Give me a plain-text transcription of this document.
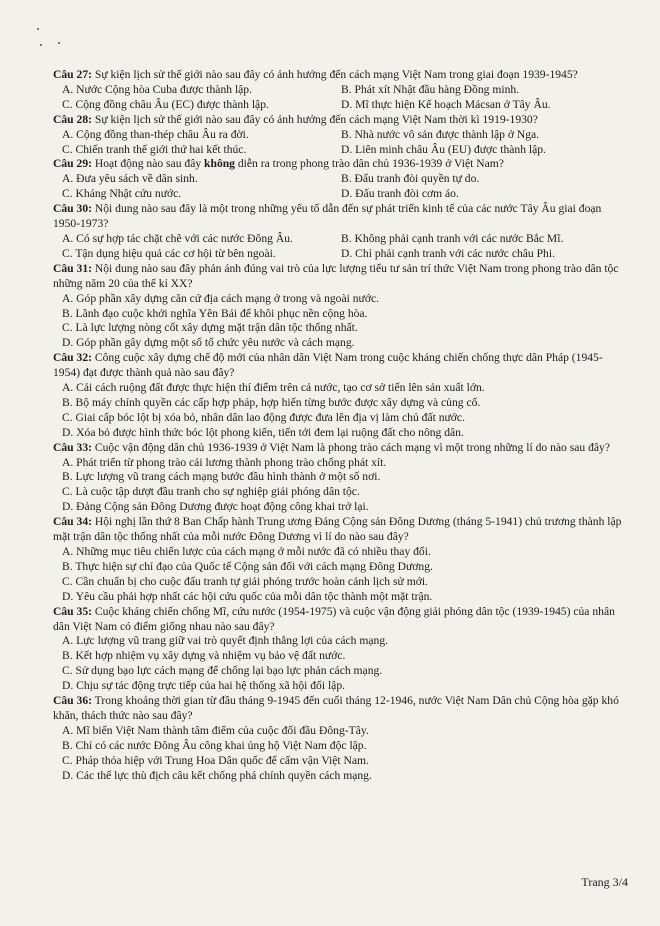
Câu 27: Sự kiện lịch sử thế giới nào sau đây có ảnh hưởng đến cách mạng Việt Nam trong giai đoạn 1939-1945?

A. Nước Cộng hòa Cuba được thành lập.	B. Phát xít Nhật đầu hàng Đồng minh.
C. Cộng đồng châu Âu (EC) được thành lập.	D. Mĩ thực hiện Kế hoạch Mácsan ở Tây Âu.

Câu 28: Sự kiện lịch sử thế giới nào sau đây có ảnh hưởng đến cách mạng Việt Nam thời kì 1919-1930?

A. Cộng đồng than-thép châu Âu ra đời.	B. Nhà nước vô sản được thành lập ở Nga.
C. Chiến tranh thế giới thứ hai kết thúc.	D. Liên minh châu Âu (EU) được thành lập.

Câu 29: Hoạt động nào sau đây không diễn ra trong phong trào dân chủ 1936-1939 ở Việt Nam?

A. Đưa yêu sách về dân sinh.	B. Đấu tranh đòi quyền tự do.
C. Kháng Nhật cứu nước.	D. Đấu tranh đòi cơm áo.

Câu 30: Nội dung nào sau đây là một trong những yếu tố dẫn đến sự phát triển kinh tế của các nước Tây Âu giai đoạn 1950-1973?

A. Có sự hợp tác chặt chẽ với các nước Đông Âu.	B. Không phải cạnh tranh với các nước Bắc Mĩ.
C. Tận dụng hiệu quả các cơ hội từ bên ngoài.	D. Chỉ phải cạnh tranh với các nước châu Phi.

Câu 31: Nội dung nào sau đây phản ánh đúng vai trò của lực lượng tiểu tư sản trí thức Việt Nam trong phong trào dân tộc những năm 20 của thế kỉ XX?

A. Góp phần xây dựng căn cứ địa cách mạng ở trong và ngoài nước.
B. Lãnh đạo cuộc khởi nghĩa Yên Bái để khôi phục nền cộng hòa.
C. Là lực lượng nòng cốt xây dựng mặt trận dân tộc thống nhất.
D. Góp phần gây dựng một số tổ chức yêu nước và cách mạng.

Câu 32: Công cuộc xây dựng chế độ mới của nhân dân Việt Nam trong cuộc kháng chiến chống thực dân Pháp (1945-1954) đạt được thành quả nào sau đây?

A. Cải cách ruộng đất được thực hiện thí điểm trên cả nước, tạo cơ sở tiến lên sản xuất lớn.
B. Bộ máy chính quyền các cấp hợp pháp, hợp hiến từng bước được xây dựng và củng cố.
C. Giai cấp bóc lột bị xóa bỏ, nhân dân lao động được đưa lên địa vị làm chủ đất nước.
D. Xóa bỏ được hình thức bóc lột phong kiến, tiến tới đem lại ruộng đất cho nông dân.

Câu 33: Cuộc vận động dân chủ 1936-1939 ở Việt Nam là phong trào cách mạng vì một trong những lí do nào sau đây?

A. Phát triển từ phong trào cải lương thành phong trào chống phát xít.
B. Lực lượng vũ trang cách mạng bước đầu hình thành ở một số nơi.
C. Là cuộc tập dượt đầu tranh cho sự nghiệp giải phóng dân tộc.
D. Đảng Cộng sản Đông Dương được hoạt động công khai trở lại.

Câu 34: Hội nghị lần thứ 8 Ban Chấp hành Trung ương Đảng Cộng sản Đông Dương (tháng 5-1941) chủ trương thành lập mặt trận dân tộc thống nhất của mỗi nước Đông Dương vì lí do nào sau đây?

A. Những mục tiêu chiến lược của cách mạng ở mỗi nước đã có nhiều thay đổi.
B. Thực hiện sự chỉ đạo của Quốc tế Cộng sản đối với cách mạng Đông Dương.
C. Cần chuẩn bị cho cuộc đấu tranh tự giải phóng trước hoàn cảnh lịch sử mới.
D. Yêu cầu phải hợp nhất các hội cứu quốc của mỗi dân tộc thành một mặt trận.

Câu 35: Cuộc kháng chiến chống Mĩ, cứu nước (1954-1975) và cuộc vận động giải phóng dân tộc (1939-1945) của nhân dân Việt Nam có điểm giống nhau nào sau đây?

A. Lực lượng vũ trang giữ vai trò quyết định thắng lợi của cách mạng.
B. Kết hợp nhiệm vụ xây dựng và nhiệm vụ bảo vệ đất nước.
C. Sử dụng bạo lực cách mạng để chống lại bạo lực phản cách mạng.
D. Chịu sự tác động trực tiếp của hai hệ thống xã hội đối lập.

Câu 36: Trong khoảng thời gian từ đầu tháng 9-1945 đến cuối tháng 12-1946, nước Việt Nam Dân chủ Cộng hòa gặp khó khăn, thách thức nào sau đây?

A. Mĩ biến Việt Nam thành tâm điểm của cuộc đối đầu Đông-Tây.
B. Chỉ có các nước Đông Âu công khai ủng hộ Việt Nam độc lập.
C. Pháp thỏa hiệp với Trung Hoa Dân quốc để cấm vận Việt Nam.
D. Các thế lực thù địch câu kết chống phá chính quyền cách mạng.
Trang 3/4
